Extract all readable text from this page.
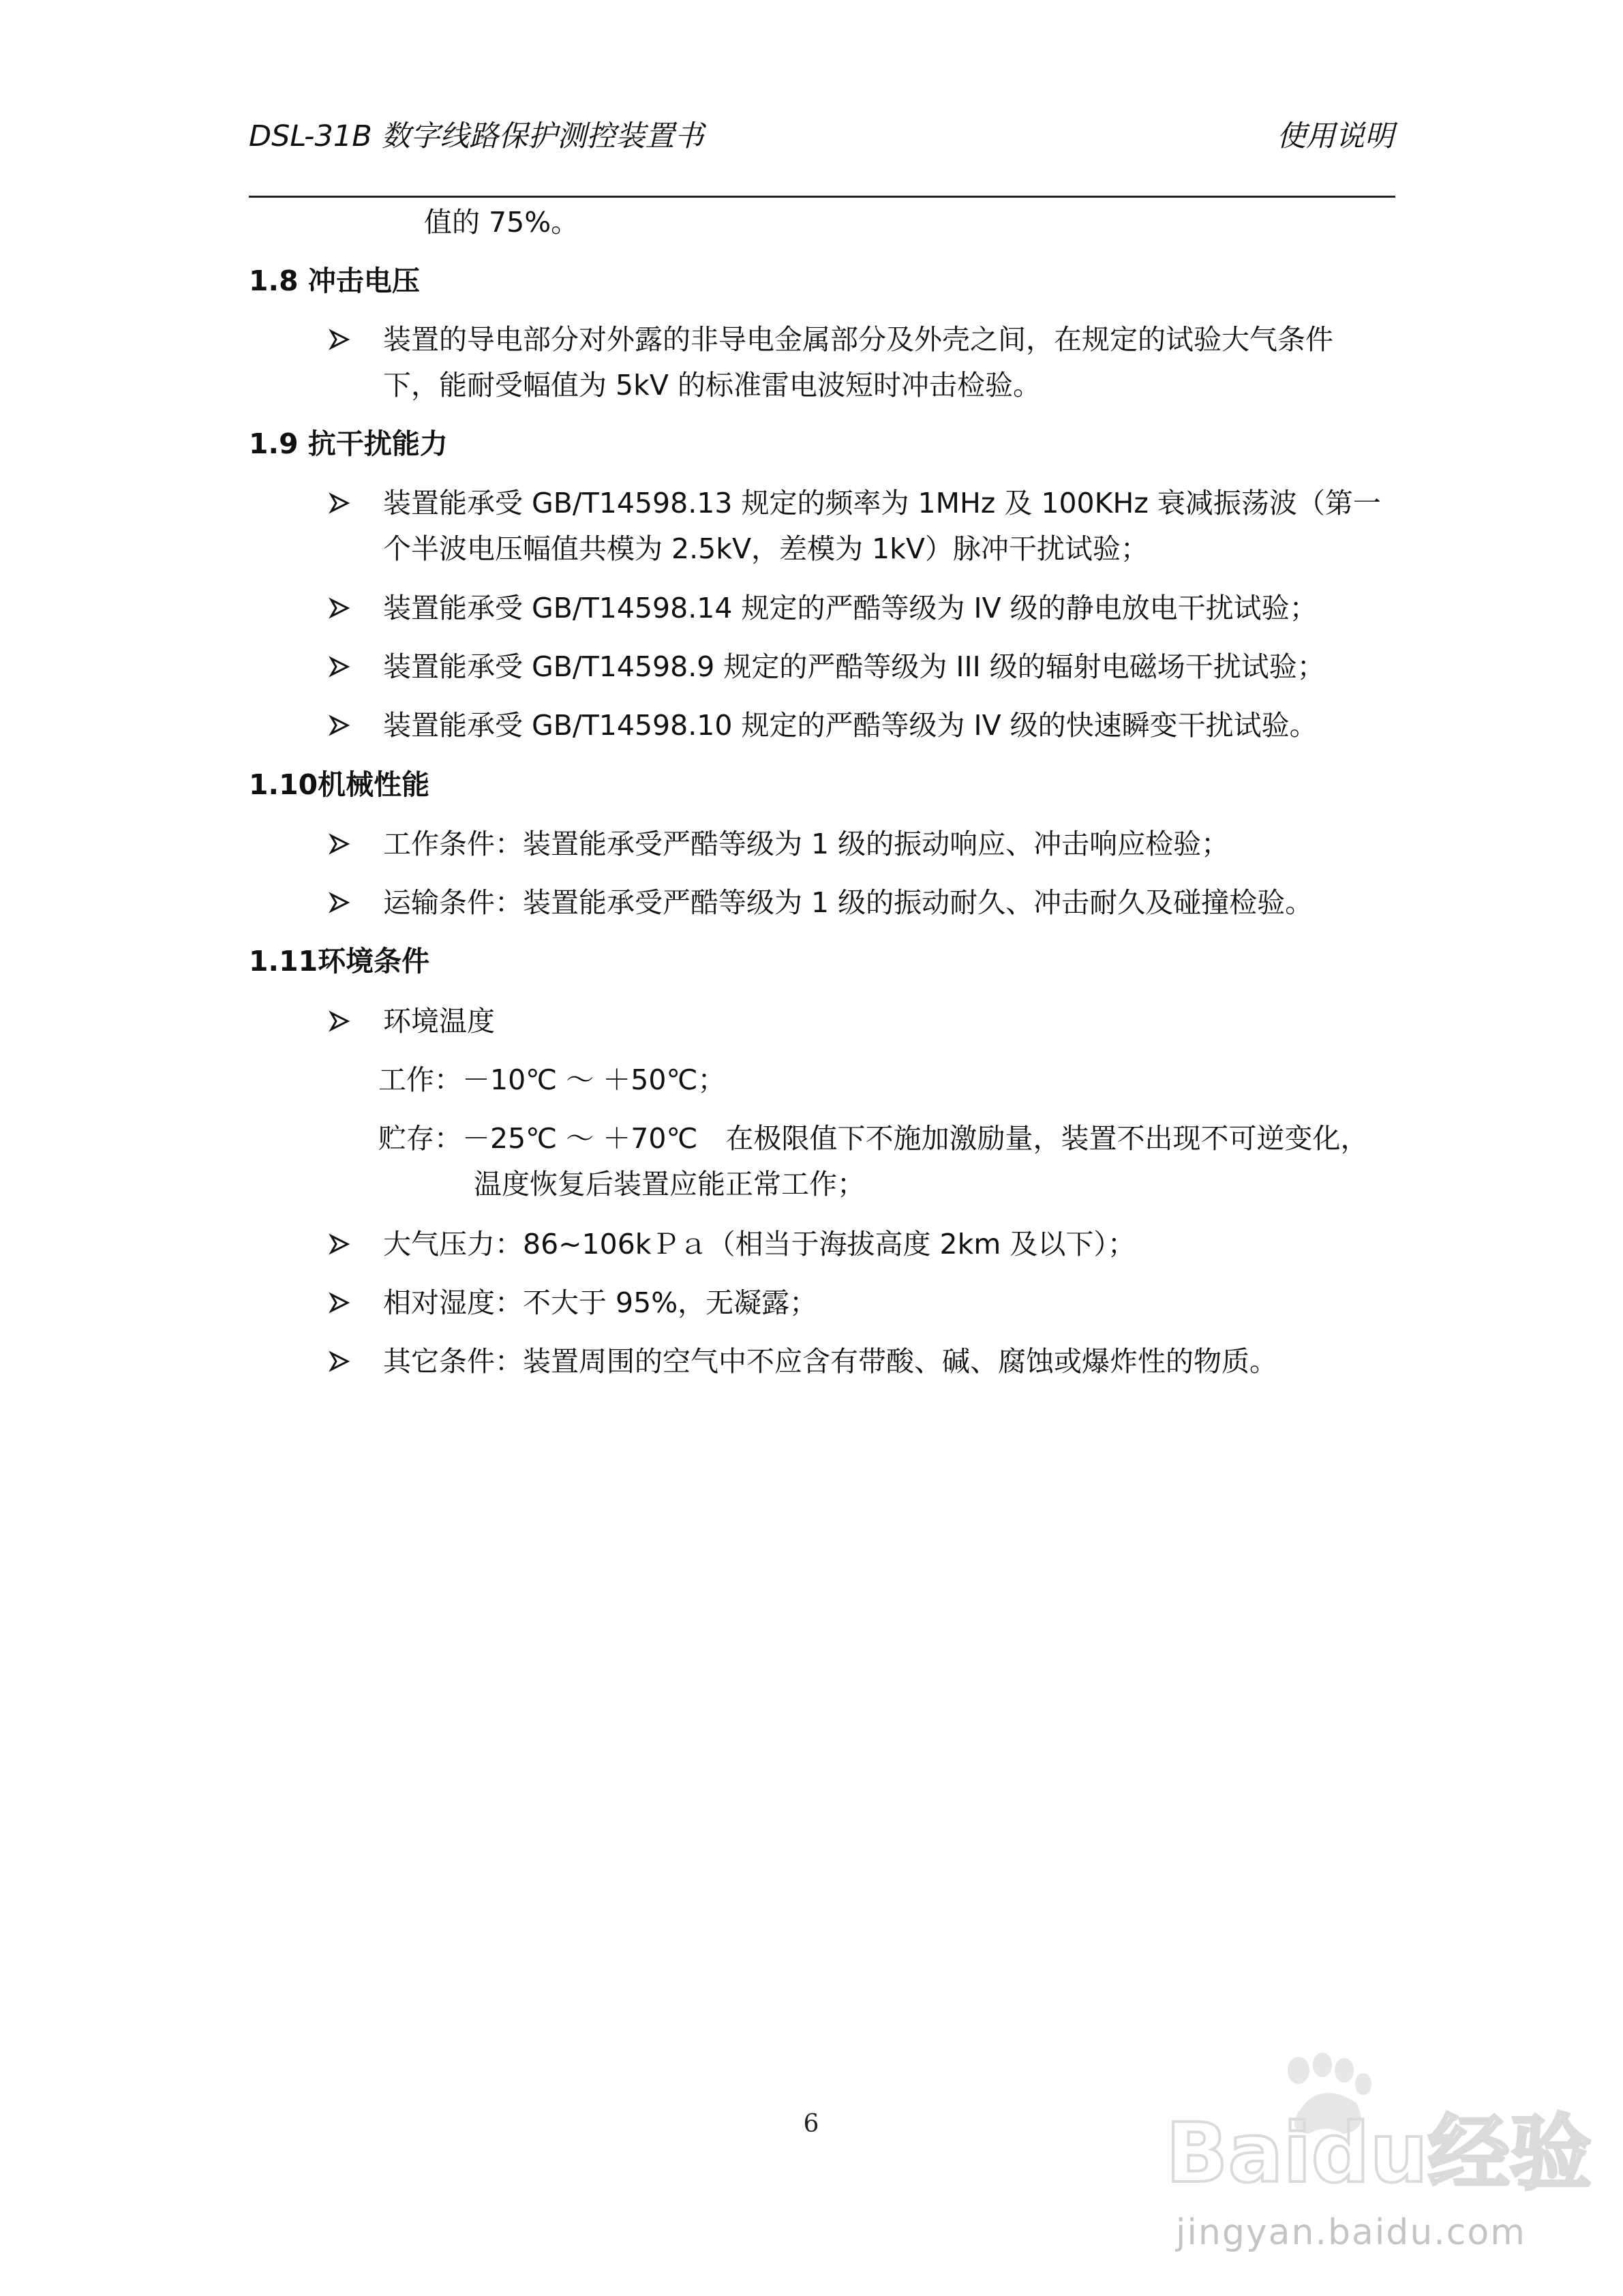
DSL-31B 数字线路保护测控装置书	使用说明
值的 75%。
1.8 冲击电压
装置的导电部分对外露的非导电金属部分及外壳之间，在规定的试验大气条件
下，能耐受幅值为 5kV 的标准雷电波短时冲击检验。
1.9 抗干扰能力
装置能承受 GB/T14598.13 规定的频率为 1MHz 及 100KHz 衰减振荡波（第一
个半波电压幅值共模为 2.5kV，差模为 1kV）脉冲干扰试验；
装置能承受 GB/T14598.14 规定的严酷等级为 IV 级的静电放电干扰试验；
装置能承受 GB/T14598.9 规定的严酷等级为 III 级的辐射电磁场干扰试验；
装置能承受 GB/T14598.10 规定的严酷等级为 IV 级的快速瞬变干扰试验。
1.10机械性能
工作条件：装置能承受严酷等级为 1 级的振动响应、冲击响应检验；
运输条件：装置能承受严酷等级为 1 级的振动耐久、冲击耐久及碰撞检验。
1.11环境条件
环境温度
工作：－10℃ ～ ＋50℃；
贮存：－25℃ ～ ＋70℃　在极限值下不施加激励量，装置不出现不可逆变化，
温度恢复后装置应能正常工作；
大气压力：86~106kＰａ（相当于海拔高度 2km 及以下）；
相对湿度：不大于 95%，无凝露；
其它条件：装置周围的空气中不应含有带酸、碱、腐蚀或爆炸性的物质。
6	Baidu经验
jingyan.baidu.com
